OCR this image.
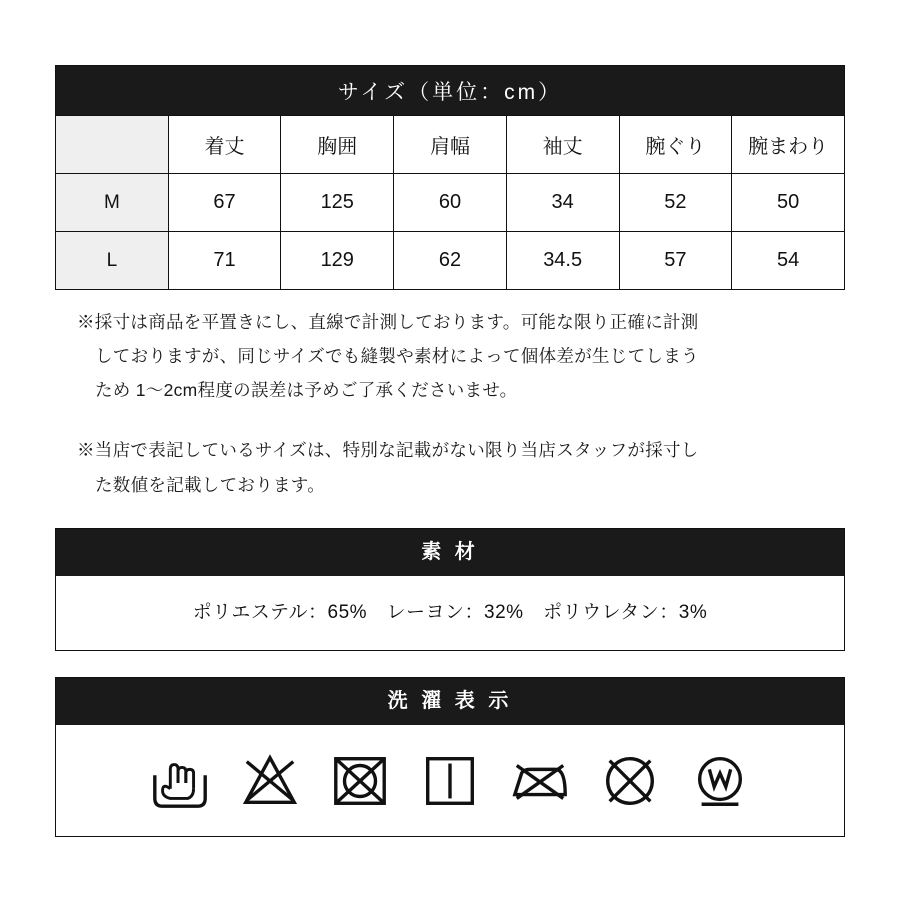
サイズ（単位：cm）						
	着丈	胸囲	肩幅	袖丈	腕ぐり	腕まわり
M	67	125	60	34	52	50
L	71	129	62	34.5	57	54
※採寸は商品を平置きにし、直線で計測しております。可能な限り正確に計測
しておりますが、同じサイズでも縫製や素材によって個体差が生じてしまう
ため 1〜2cm程度の誤差は予めご了承くださいませ。
※当店で表記しているサイズは、特別な記載がない限り当店スタッフが採寸し
た数値を記載しております。
素 材
ポリエステル：65%　レーヨン：32%　ポリウレタン：3%
洗 濯 表 示
